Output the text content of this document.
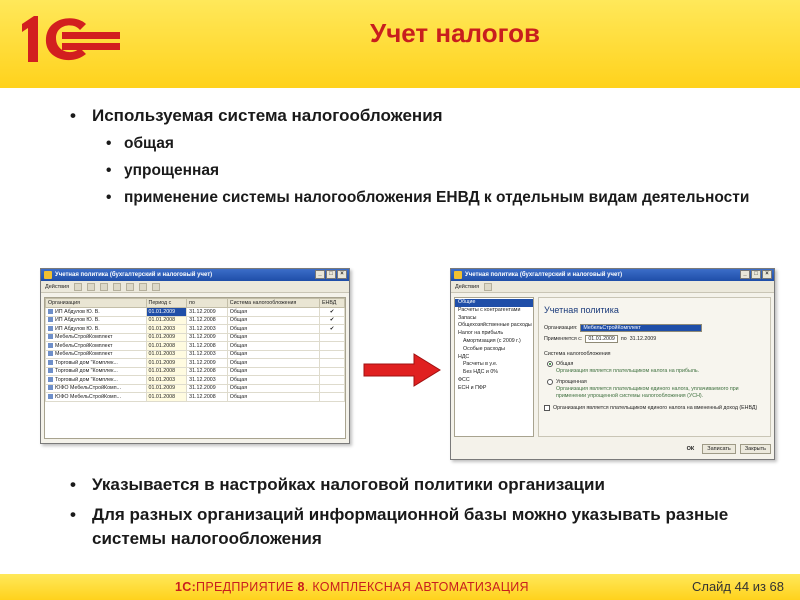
Учет налогов
• Используемая система налогообложения
• общая
• упрощенная
• применение системы налогообложения ЕНВД к отдельным видам деятельности
Учетная политика (бухгалтерский и налоговый учет)	_	□	×
Действия
Организация	Период с	по	Система налогообложения	ЕНВД
ИП Абдулов Ю. В.	01.01.2009	31.12.2009	Общая	✔
ИП Абдулов Ю. В.	01.01.2008	31.12.2008	Общая	✔
ИП Абдулов Ю. В.	01.01.2003	31.12.2003	Общая	✔
МебельСтройКомплект	01.01.2009	31.12.2009	Общая	
МебельСтройКомплект	01.01.2008	31.12.2008	Общая	
МебельСтройКомплект	01.01.2003	31.12.2003	Общая	
Торговый дом "Комплек...	01.01.2009	31.12.2009	Общая	
Торговый дом "Комплек...	01.01.2008	31.12.2008	Общая	
Торговый дом "Комплек...	01.01.2003	31.12.2003	Общая	
ЮФО МебельСтройКомп...	01.01.2009	31.12.2009	Общая	
ЮФО МебельСтройКомп...	01.01.2008	31.12.2008	Общая	
Учетная политика (бухгалтерский и налоговый учет)	_	□	×
Действия
Общие
Расчеты с контрагентами
Запасы
Общехозяйственные расходы
Налог на прибыль
Амортизация (с 2009 г.)
Особые расходы
НДС
Расчеты в у.е.
Без НДС и 0%
ФСС
ЕСН и ПФР
Учетная политика
Организация:	МебельСтройКомплект
Применяется с:	01.01.2009	по 31.12.2009
Система налогообложения
Общая
Организация является плательщиком налога на прибыль.
Упрощенная
Организация является плательщиком единого налога, уплачиваемого при применении упрощенной системы налогообложения (УСН).
Организация является плательщиком единого налога на вмененный доход (ЕНВД)
ОК	Записать	Закрыть
• Указывается в настройках налоговой политики организации
• Для разных организаций информационной базы можно указывать разные системы налогообложения
1С:ПРЕДПРИЯТИЕ 8. КОМПЛЕКСНАЯ АВТОМАТИЗАЦИЯ	Слайд 44 из 68
